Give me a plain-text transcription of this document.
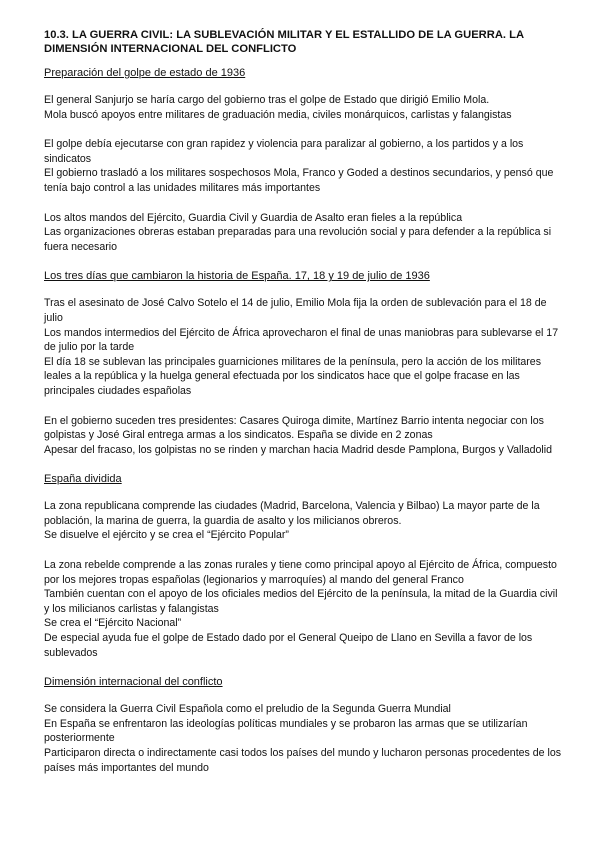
10.3. LA GUERRA CIVIL: LA SUBLEVACIÓN MILITAR Y EL ESTALLIDO DE LA GUERRA. LA DIMENSIÓN INTERNACIONAL DEL CONFLICTO
Preparación del golpe de estado de 1936
El general Sanjurjo se haría cargo del gobierno tras el golpe de Estado que dirigió Emilio Mola.
Mola buscó apoyos entre militares de graduación media, civiles monárquicos, carlistas y falangistas
El golpe debía ejecutarse con gran rapidez y violencia para paralizar al gobierno, a los partidos y a los sindicatos
El gobierno trasladó a los militares sospechosos Mola, Franco y Goded a destinos secundarios, y pensó que tenía bajo control a las unidades militares más importantes
Los altos mandos del Ejército, Guardia Civil y Guardia de Asalto eran fieles a la república
Las organizaciones obreras estaban preparadas para una revolución social y para defender a la república si fuera necesario
Los tres días que cambiaron la historia de España. 17, 18 y 19 de julio de 1936
Tras el asesinato de José Calvo Sotelo el 14 de julio, Emilio Mola fija la orden de sublevación para el 18 de julio
Los mandos intermedios del Ejército de África aprovecharon el final de unas maniobras para sublevarse el 17 de julio por la tarde
El día 18 se sublevan las principales guarniciones militares de la península, pero la acción de los militares leales a la república y la huelga general efectuada por los sindicatos hace que el golpe fracase en las principales ciudades españolas
En el gobierno suceden tres presidentes: Casares Quiroga dimite, Martínez Barrio intenta negociar con los golpistas y José Giral entrega armas a los sindicatos. España se divide en 2 zonas
Apesar del fracaso, los golpistas no se rinden y marchan hacia Madrid desde Pamplona, Burgos y Valladolid
España dividida
La zona republicana comprende las ciudades (Madrid, Barcelona, Valencia y Bilbao) La mayor parte de la población, la marina de guerra, la guardia de asalto y los milicianos obreros.
Se disuelve el ejército y se crea el “Ejército Popular”
La zona rebelde comprende a las zonas rurales y tiene como principal apoyo al Ejército de África, compuesto por los mejores tropas españolas (legionarios y marroquíes) al mando del general Franco
También cuentan con el apoyo de los oficiales medios del Ejército de la península, la mitad de la Guardia civil y los milicianos carlistas y falangistas
Se crea el “Ejército Nacional”
De especial ayuda fue el golpe de Estado dado por el General Queipo de Llano en Sevilla a favor de los sublevados
Dimensión internacional del conflicto
Se considera la Guerra Civil Española como el preludio de la Segunda Guerra Mundial
En España se enfrentaron las ideologías políticas mundiales y se probaron las armas que se utilizarían posteriormente
Participaron directa o indirectamente casi todos los países del mundo y lucharon personas procedentes de los países más importantes del mundo
